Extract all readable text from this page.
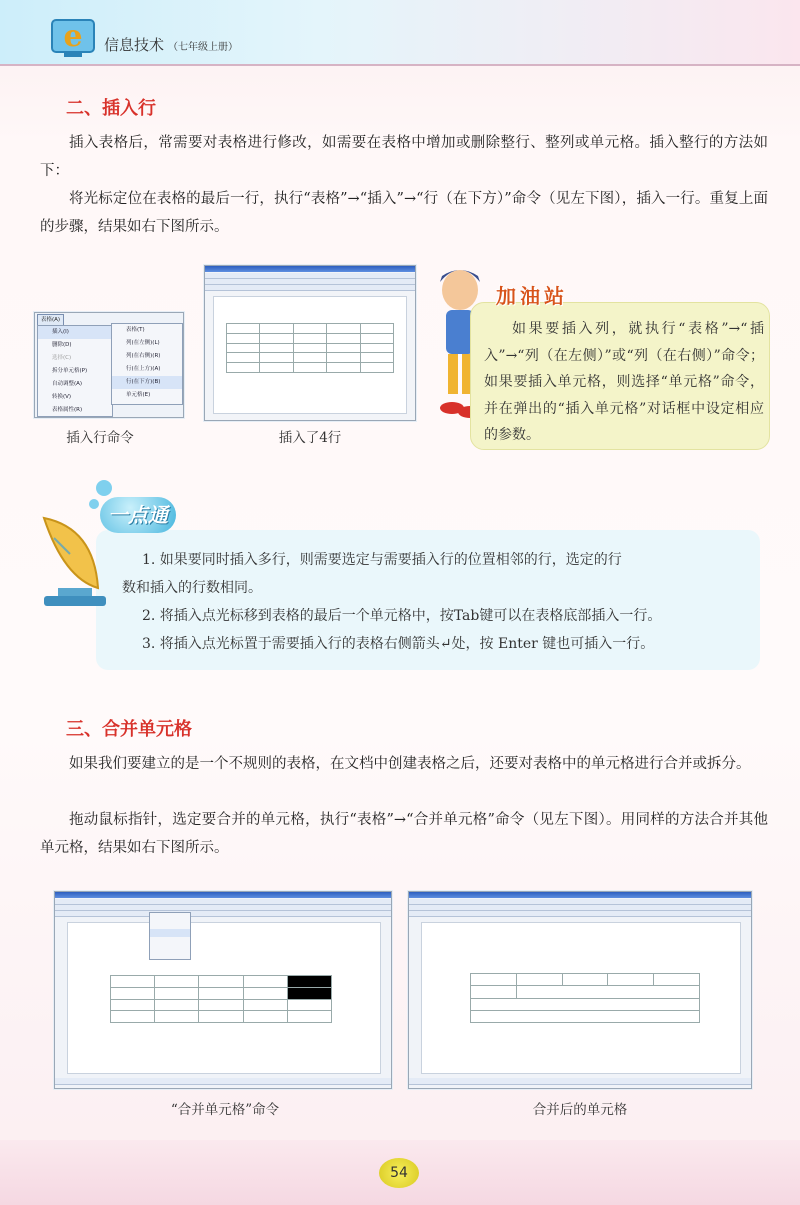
e 信息技术 （七年级上册）
二、插入行
插入表格后，常需要对表格进行修改，如需要在表格中增加或删除整行、整列或单元格。插入整行的方法如下：
将光标定位在表格的最后一行，执行“表格”→“插入”→“行（在下方）”命令（见左下图），插入一行。重复上面的步骤，结果如右下图所示。
表格(A)
插入(I)
删除(D)
选择(C)
拆分单元格(P)
自动调整(A)
转换(V)
表格属性(R)
表格(T)
列(在左侧)(L)
列(在右侧)(R)
行(在上方)(A)
行(在下方)(B)
单元格(E)
插入行命令

					插入了4行
加油站
如果要插入列，就执行“表格”→“插入”→“列（在左侧）”或“列（在右侧）”命令；如果要插入单元格，则选择“单元格”命令，并在弹出的“插入单元格”对话框中设定相应的参数。
一点通
1. 如果要同时插入多行，则需要选定与需要插入行的位置相邻的行，选定的行
数和插入的行数相同。
2. 将插入点光标移到表格的最后一个单元格中，按Tab键可以在表格底部插入一行。
3. 将插入点光标置于需要插入行的表格右侧箭头↵处，按 Enter 键也可插入一行。
三、合并单元格
如果我们要建立的是一个不规则的表格，在文档中创建表格之后，还要对表格中的单元格进行合并或拆分。
拖动鼠标指针，选定要合并的单元格，执行“表格”→“合并单元格”命令（见左下图）。用同样的方法合并其他单元格，结果如右下图所示。

“合并单元格”命令

		合并后的单元格
54
